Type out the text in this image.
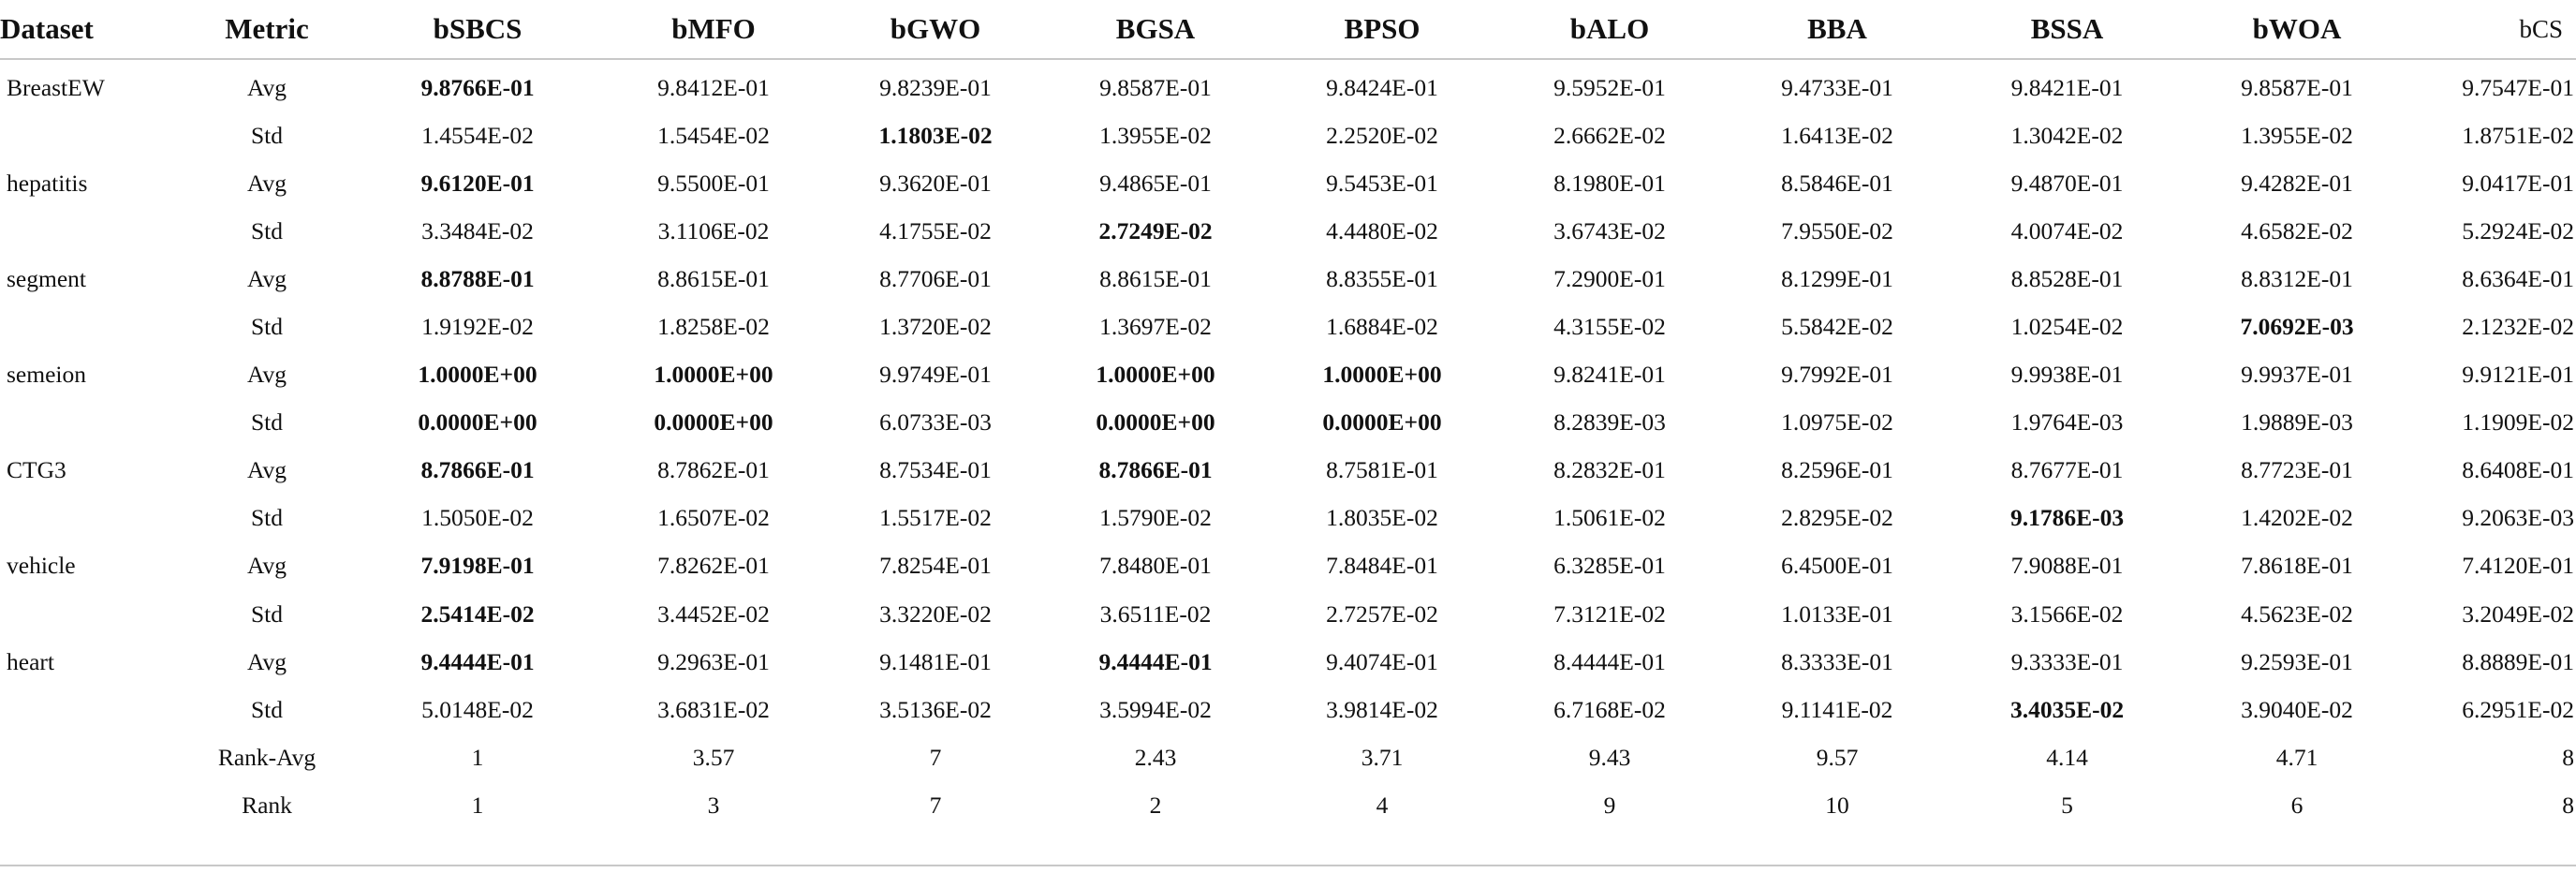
Dataset	Metric	bSBCS	bMFO	bGWO	BGSA	BPSO	bALO	BBA	BSSA	bWOA	bCS
BreastEW	Avg	9.8766E-01	9.8412E-01	9.8239E-01	9.8587E-01	9.8424E-01	9.5952E-01	9.4733E-01	9.8421E-01	9.8587E-01	9.7547E-01
	Std	1.4554E-02	1.5454E-02	1.1803E-02	1.3955E-02	2.2520E-02	2.6662E-02	1.6413E-02	1.3042E-02	1.3955E-02	1.8751E-02
hepatitis	Avg	9.6120E-01	9.5500E-01	9.3620E-01	9.4865E-01	9.5453E-01	8.1980E-01	8.5846E-01	9.4870E-01	9.4282E-01	9.0417E-01
	Std	3.3484E-02	3.1106E-02	4.1755E-02	2.7249E-02	4.4480E-02	3.6743E-02	7.9550E-02	4.0074E-02	4.6582E-02	5.2924E-02
segment	Avg	8.8788E-01	8.8615E-01	8.7706E-01	8.8615E-01	8.8355E-01	7.2900E-01	8.1299E-01	8.8528E-01	8.8312E-01	8.6364E-01
	Std	1.9192E-02	1.8258E-02	1.3720E-02	1.3697E-02	1.6884E-02	4.3155E-02	5.5842E-02	1.0254E-02	7.0692E-03	2.1232E-02
semeion	Avg	1.0000E+00	1.0000E+00	9.9749E-01	1.0000E+00	1.0000E+00	9.8241E-01	9.7992E-01	9.9938E-01	9.9937E-01	9.9121E-01
	Std	0.0000E+00	0.0000E+00	6.0733E-03	0.0000E+00	0.0000E+00	8.2839E-03	1.0975E-02	1.9764E-03	1.9889E-03	1.1909E-02
CTG3	Avg	8.7866E-01	8.7862E-01	8.7534E-01	8.7866E-01	8.7581E-01	8.2832E-01	8.2596E-01	8.7677E-01	8.7723E-01	8.6408E-01
	Std	1.5050E-02	1.6507E-02	1.5517E-02	1.5790E-02	1.8035E-02	1.5061E-02	2.8295E-02	9.1786E-03	1.4202E-02	9.2063E-03
vehicle	Avg	7.9198E-01	7.8262E-01	7.8254E-01	7.8480E-01	7.8484E-01	6.3285E-01	6.4500E-01	7.9088E-01	7.8618E-01	7.4120E-01
	Std	2.5414E-02	3.4452E-02	3.3220E-02	3.6511E-02	2.7257E-02	7.3121E-02	1.0133E-01	3.1566E-02	4.5623E-02	3.2049E-02
heart	Avg	9.4444E-01	9.2963E-01	9.1481E-01	9.4444E-01	9.4074E-01	8.4444E-01	8.3333E-01	9.3333E-01	9.2593E-01	8.8889E-01
	Std	5.0148E-02	3.6831E-02	3.5136E-02	3.5994E-02	3.9814E-02	6.7168E-02	9.1141E-02	3.4035E-02	3.9040E-02	6.2951E-02
	Rank-Avg	1	3.57	7	2.43	3.71	9.43	9.57	4.14	4.71	8
	Rank	1	3	7	2	4	9	10	5	6	8
